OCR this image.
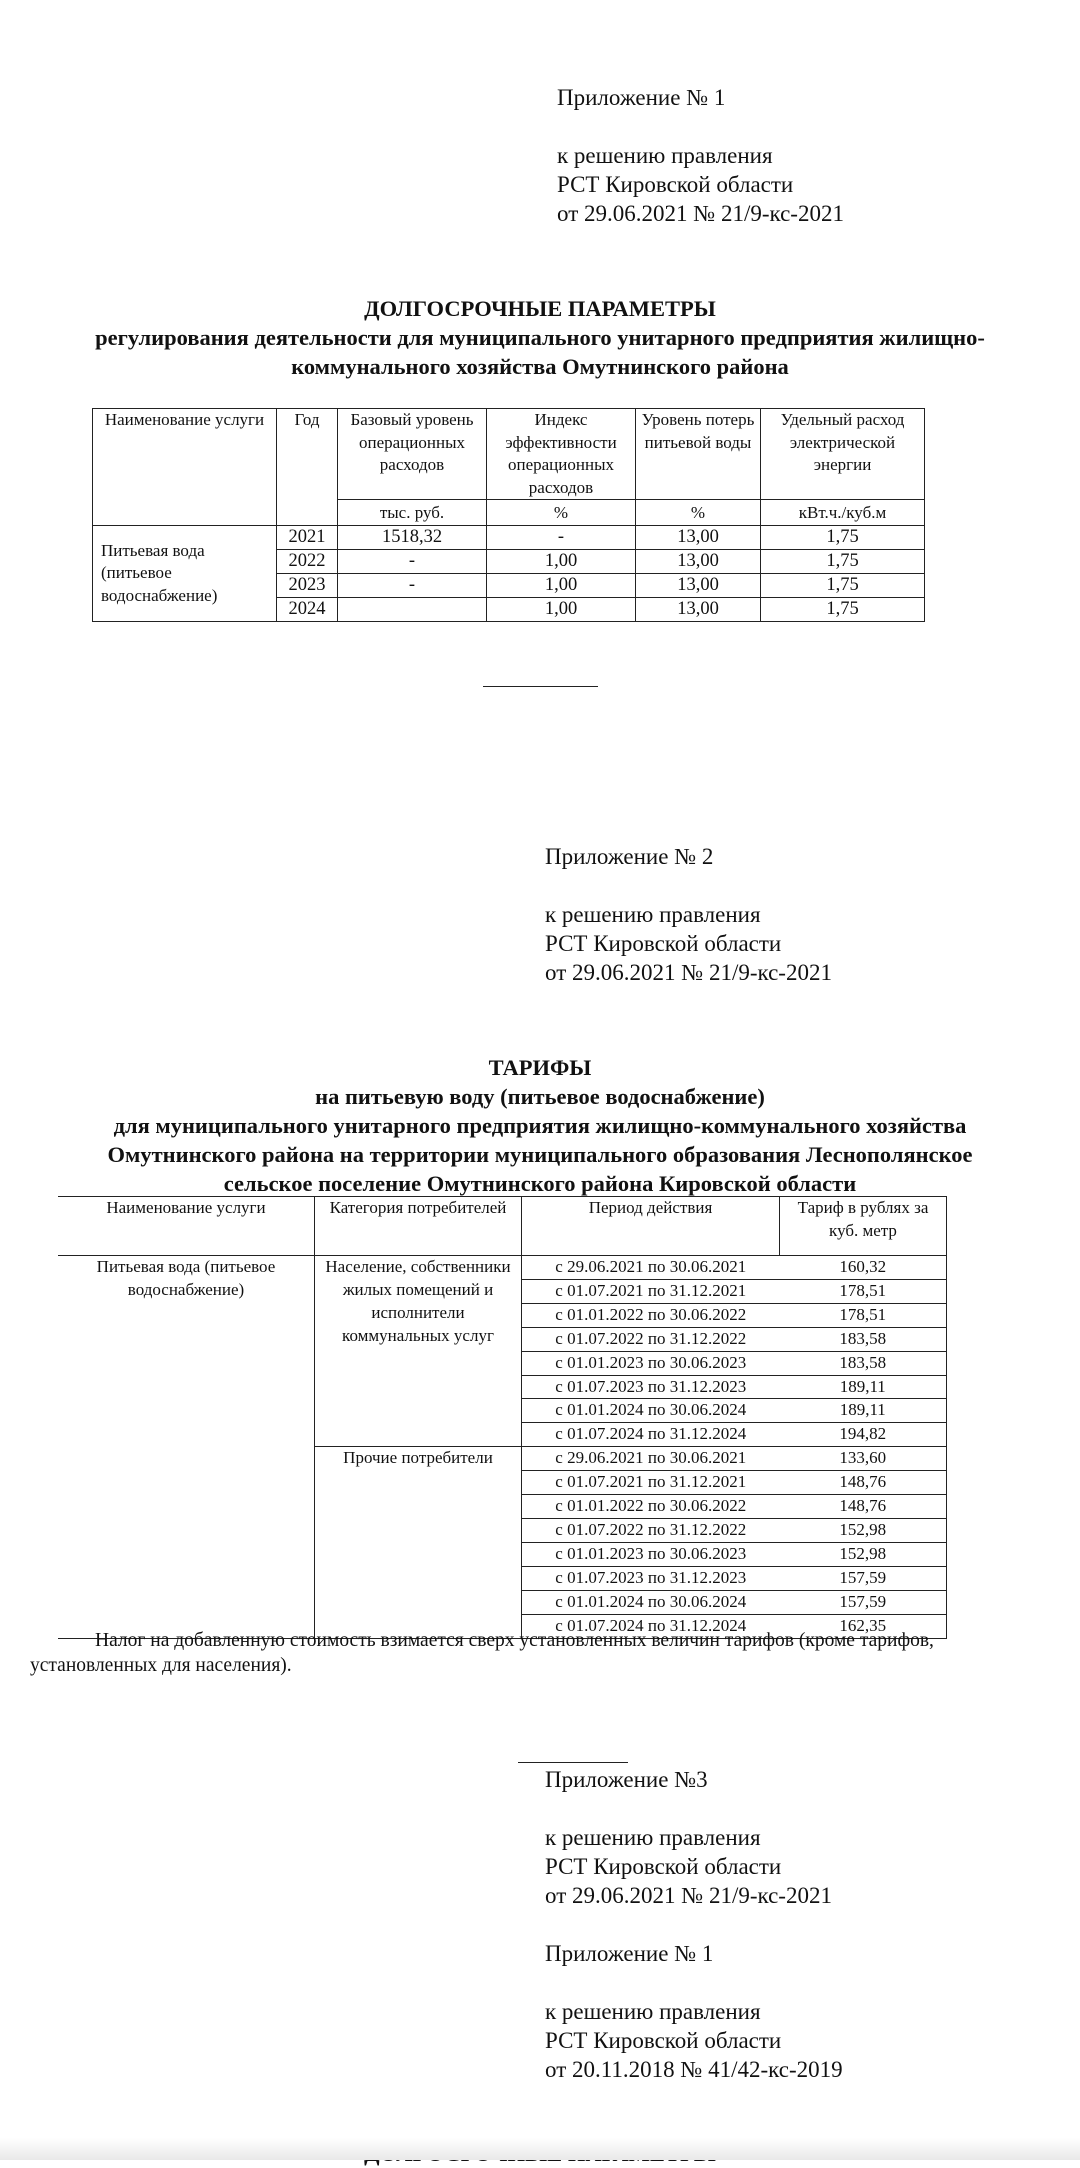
Приложение № 1
к решению правления
РСТ Кировской области
от 29.06.2021 № 21/9-кс-2021
ДОЛГОСРОЧНЫЕ ПАРАМЕТРЫ
регулирования деятельности для муниципального унитарного предприятия жилищно-
коммунального хозяйства Омутнинского района
Наименование услуги	Год	Базовый уровень операционных расходов	Индекс эффективности операционных расходов	Уровень потерь питьевой воды	Удельный расход электрической энергии
		тыс. руб.	%	%	кВт.ч./куб.м
Питьевая вода (питьевое водоснабжение)	2021	1518,32	-	13,00	1,75
	2022	-	1,00	13,00	1,75
	2023	-	1,00	13,00	1,75
	2024		1,00	13,00	1,75
Приложение № 2
к решению правления
РСТ Кировской области
от 29.06.2021 № 21/9-кс-2021
ТАРИФЫ
на питьевую воду (питьевое водоснабжение)
для муниципального унитарного предприятия жилищно-коммунального хозяйства
Омутнинского района на территории муниципального образования Леснополянское
сельское поселение Омутнинского района Кировской области
Наименование услуги	Категория потребителей	Период действия	Тариф в рублях за куб. метр

Питьевая вода (питьевое водоснабжение)	Население, собственники жилых помещений и исполнители коммунальных услуг	с 29.06.2021 по 30.06.2021	160,32
		с 01.07.2021 по 31.12.2021	178,51
		с 01.01.2022 по 30.06.2022	178,51
		с 01.07.2022 по 31.12.2022	183,58
		с 01.01.2023 по 30.06.2023	183,58
		с 01.07.2023 по 31.12.2023	189,11
		с 01.01.2024 по 30.06.2024	189,11
		с 01.07.2024 по 31.12.2024	194,82
	Прочие потребители	с 29.06.2021 по 30.06.2021	133,60
		с 01.07.2021 по 31.12.2021	148,76
		с 01.01.2022 по 30.06.2022	148,76
		с 01.07.2022 по 31.12.2022	152,98
		с 01.01.2023 по 30.06.2023	152,98
		с 01.07.2023 по 31.12.2023	157,59
		с 01.01.2024 по 30.06.2024	157,59
		с 01.07.2024 по 31.12.2024	162,35
Налог на добавленную стоимость взимается сверх установленных величин тарифов (кроме тарифов, установленных для населения).
Приложение №3
к решению правления
РСТ Кировской области
от 29.06.2021 № 21/9-кс-2021
Приложение № 1
к решению правления
РСТ Кировской области
от 20.11.2018 № 41/42-кс-2019
